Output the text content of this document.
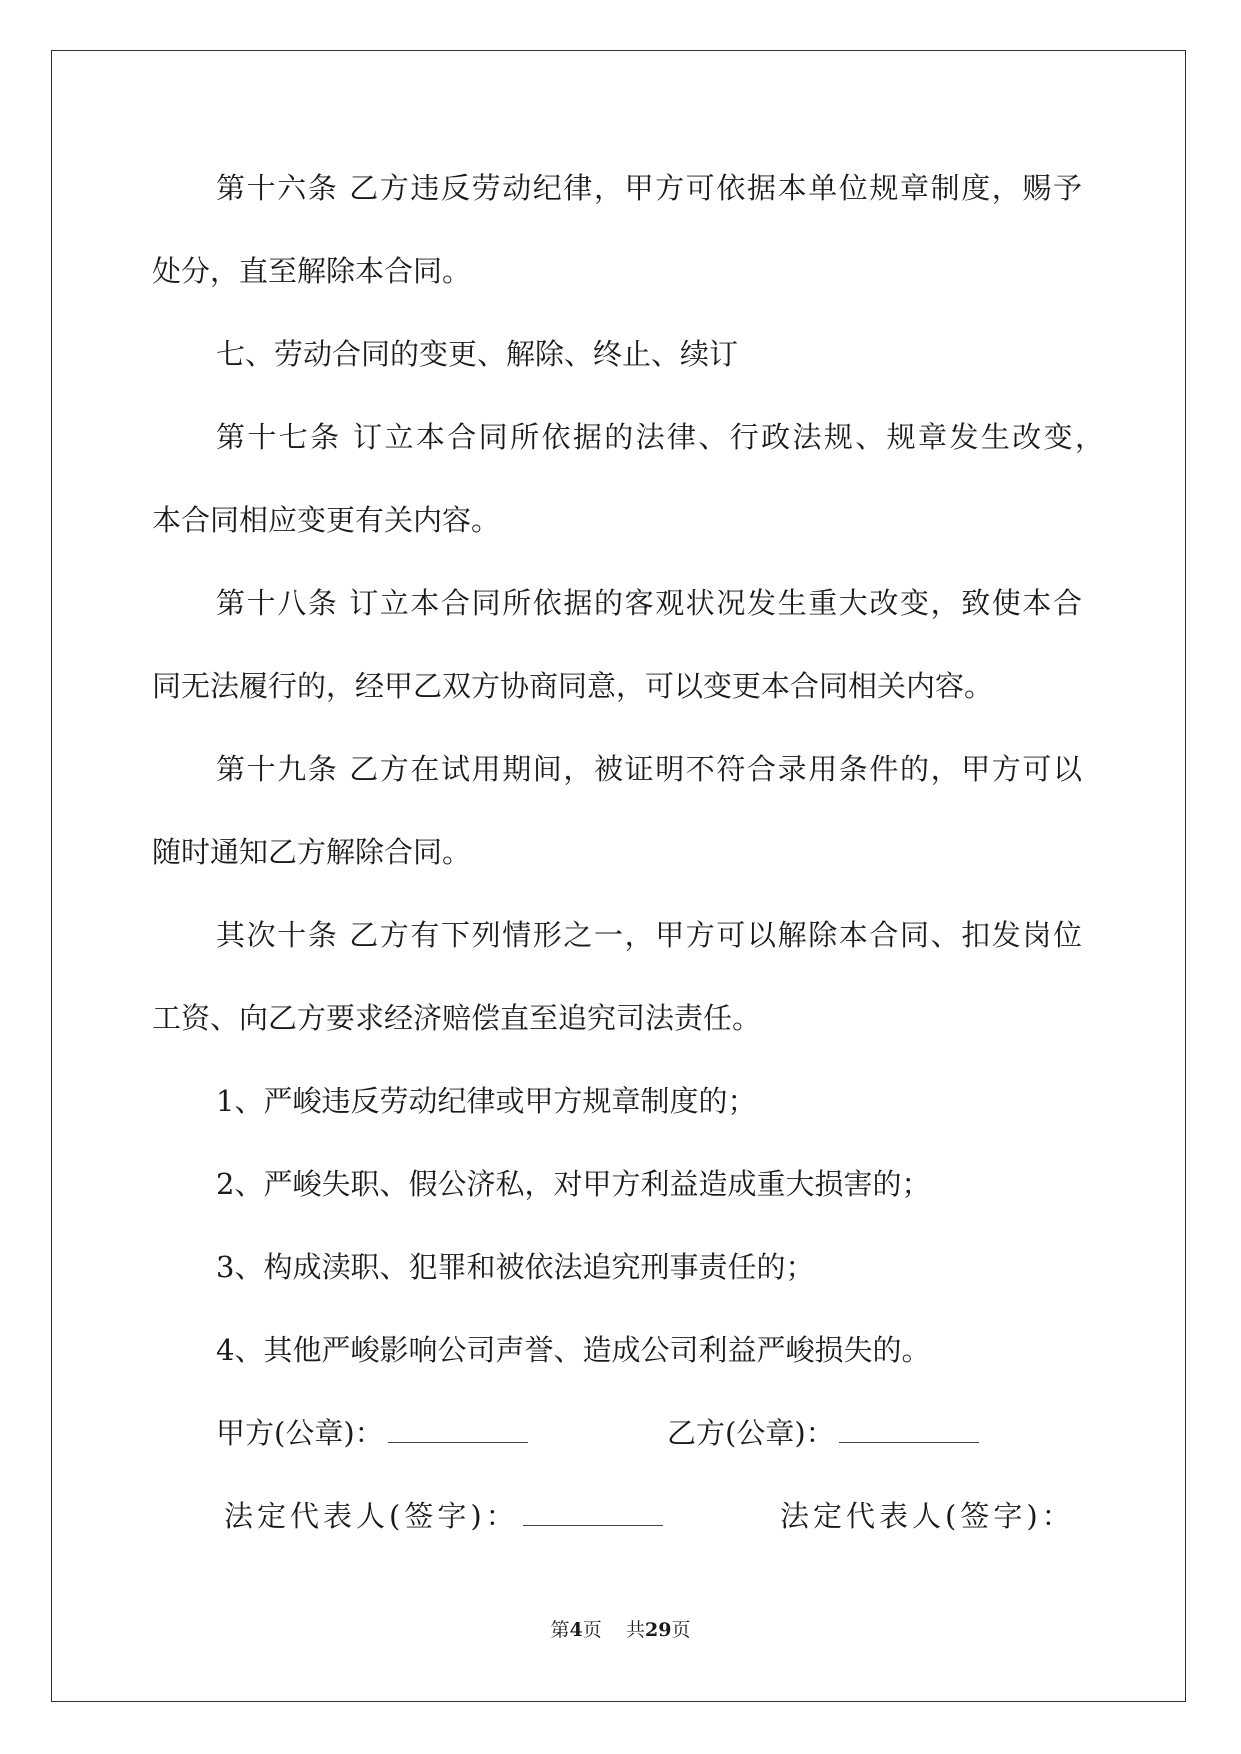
第十六条 乙方违反劳动纪律，甲方可依据本单位规章制度，赐予
处分，直至解除本合同。
七、劳动合同的变更、解除、终止、续订
第十七条 订立本合同所依据的法律、行政法规、规章发生改变，
本合同相应变更有关内容。
第十八条 订立本合同所依据的客观状况发生重大改变，致使本合
同无法履行的，经甲乙双方协商同意，可以变更本合同相关内容。
第十九条 乙方在试用期间，被证明不符合录用条件的，甲方可以
随时通知乙方解除合同。
其次十条 乙方有下列情形之一，甲方可以解除本合同、扣发岗位
工资、向乙方要求经济赔偿直至追究司法责任。
1、严峻违反劳动纪律或甲方规章制度的；
2、严峻失职、假公济私，对甲方利益造成重大损害的；
3、构成渎职、犯罪和被依法追究刑事责任的；
4、其他严峻影响公司声誉、造成公司利益严峻损失的。
甲方(公章)：	乙方(公章)：
法定代表人(签字)：	法定代表人(签字)：
第4页 共29页
